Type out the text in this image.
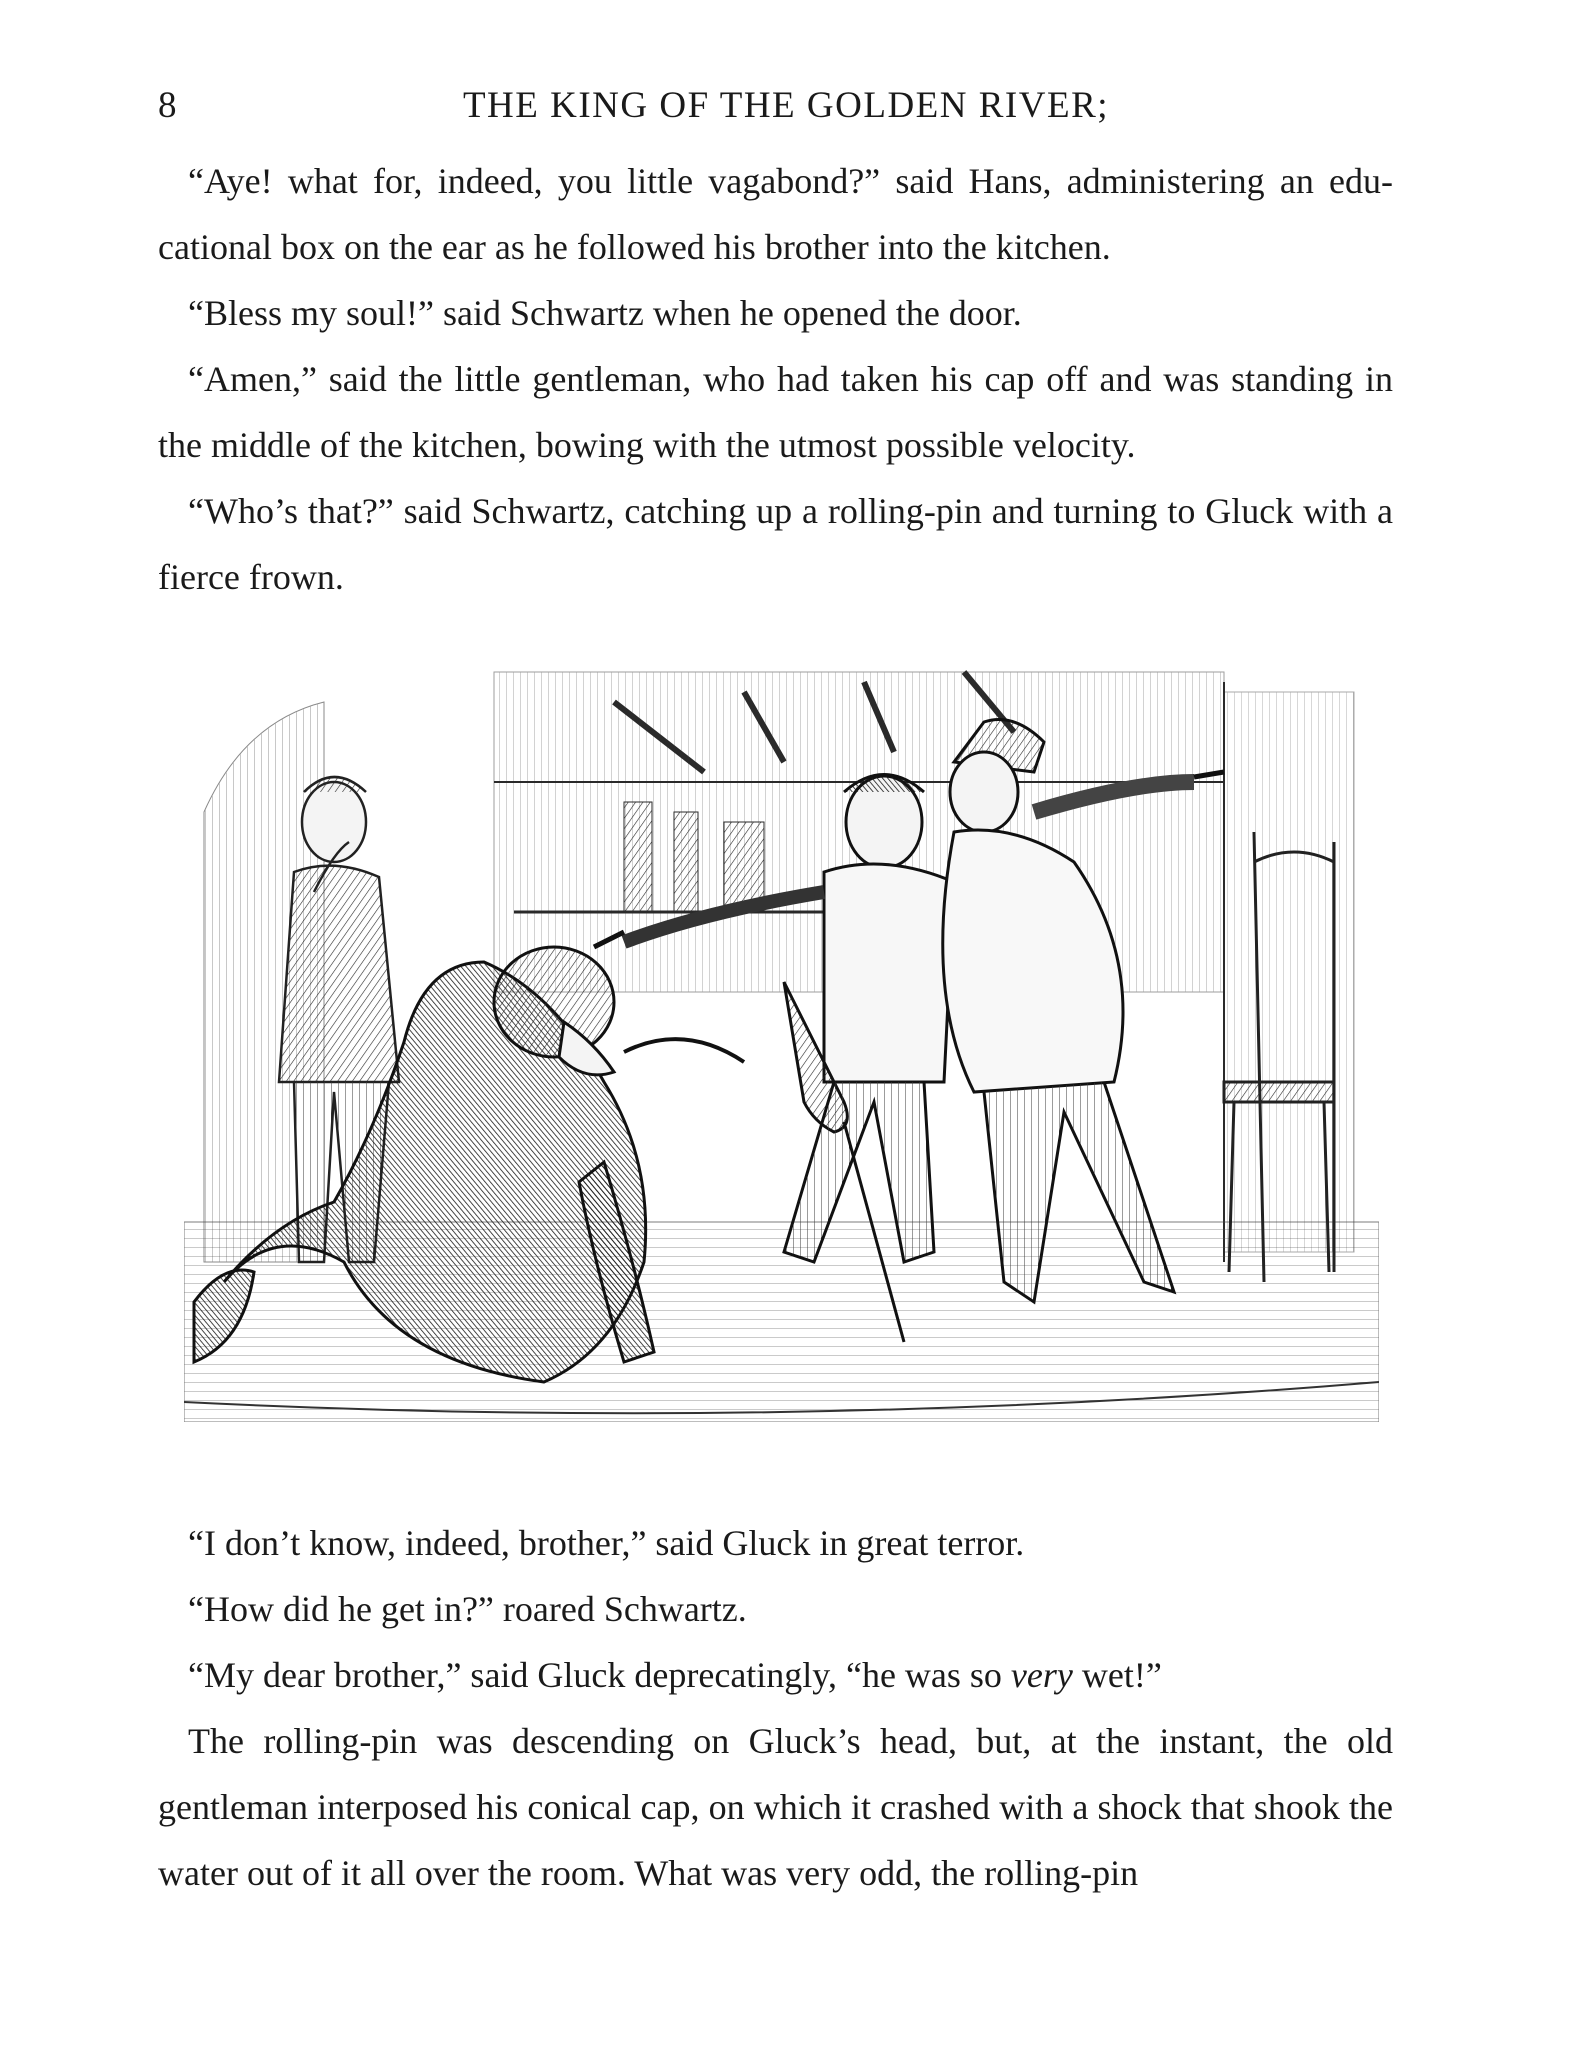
8	THE KING OF THE GOLDEN RIVER;

“Aye! what for, indeed, you little vagabond?” said Hans, administering an edu-cational box on the ear as he followed his brother into the kitchen.

“Bless my soul!” said Schwartz when he opened the door.

“Amen,” said the little gentleman, who had taken his cap off and was standing in the middle of the kitchen, bowing with the utmost possible velocity.

“Who’s that?” said Schwartz, catching up a rolling-pin and turning to Gluck with a fierce frown.

“I don’t know, indeed, brother,” said Gluck in great terror.

“How did he get in?” roared Schwartz.

“My dear brother,” said Gluck deprecatingly, “he was so very wet!”

The rolling-pin was descending on Gluck’s head, but, at the instant, the old gentleman interposed his conical cap, on which it crashed with a shock that shook the water out of it all over the room. What was very odd, the rolling-pin
